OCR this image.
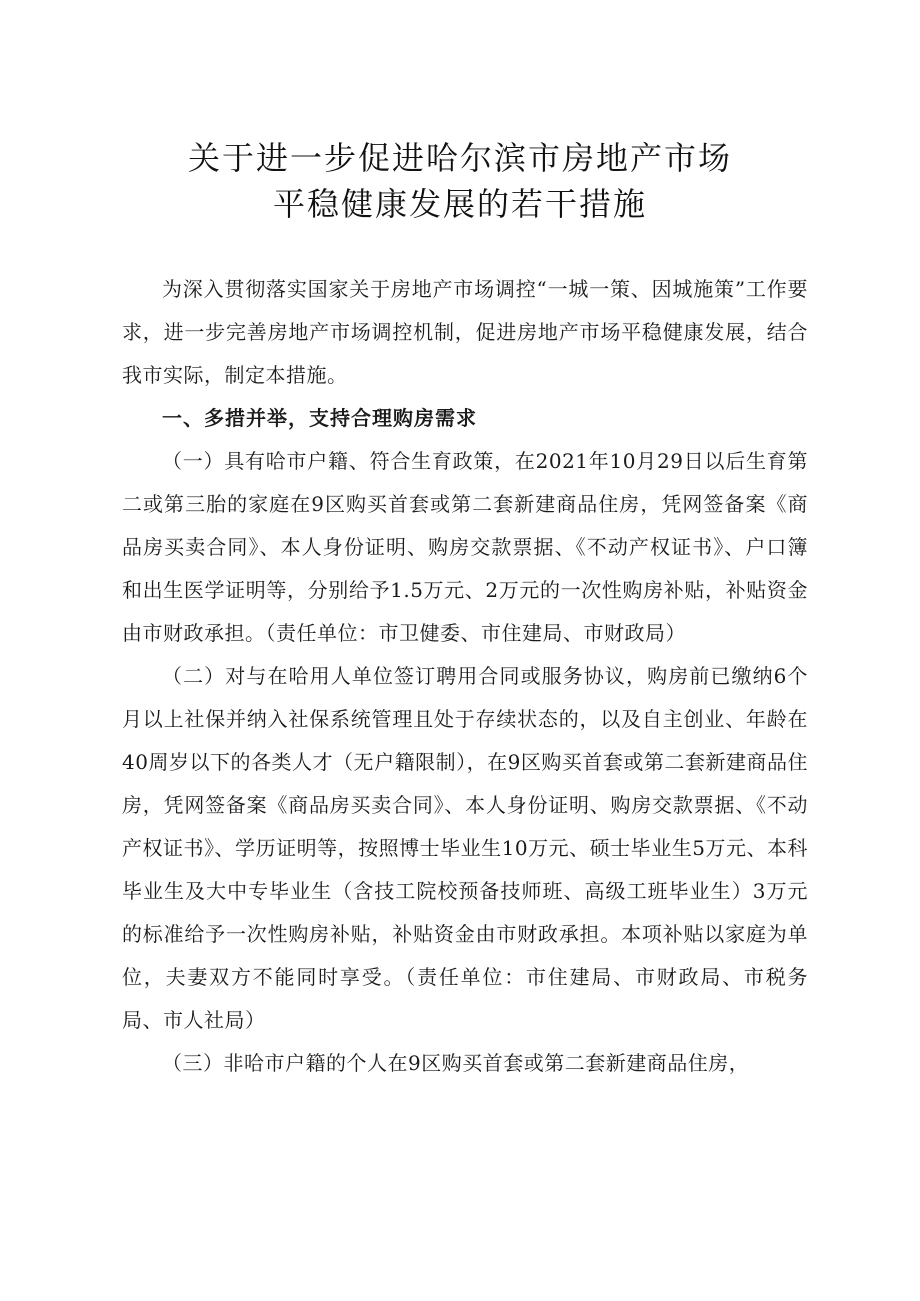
关于进一步促进哈尔滨市房地产市场
平稳健康发展的若干措施

为深入贯彻落实国家关于房地产市场调控“一城一策、因城施策”工作要求，进一步完善房地产市场调控机制，促进房地产市场平稳健康发展，结合我市实际，制定本措施。

一、多措并举，支持合理购房需求

（一）具有哈市户籍、符合生育政策，在2021年10月29日以后生育第二或第三胎的家庭在9区购买首套或第二套新建商品住房，凭网签备案《商品房买卖合同》、本人身份证明、购房交款票据、《不动产权证书》、户口簿和出生医学证明等，分别给予1.5万元、2万元的一次性购房补贴，补贴资金由市财政承担。（责任单位：市卫健委、市住建局、市财政局）

（二）对与在哈用人单位签订聘用合同或服务协议，购房前已缴纳6个月以上社保并纳入社保系统管理且处于存续状态的，以及自主创业、年龄在40周岁以下的各类人才（无户籍限制），在9区购买首套或第二套新建商品住房，凭网签备案《商品房买卖合同》、本人身份证明、购房交款票据、《不动产权证书》、学历证明等，按照博士毕业生10万元、硕士毕业生5万元、本科毕业生及大中专毕业生（含技工院校预备技师班、高级工班毕业生）3万元的标准给予一次性购房补贴，补贴资金由市财政承担。本项补贴以家庭为单位，夫妻双方不能同时享受。（责任单位：市住建局、市财政局、市税务局、市人社局）

（三）非哈市户籍的个人在9区购买首套或第二套新建商品住房，
